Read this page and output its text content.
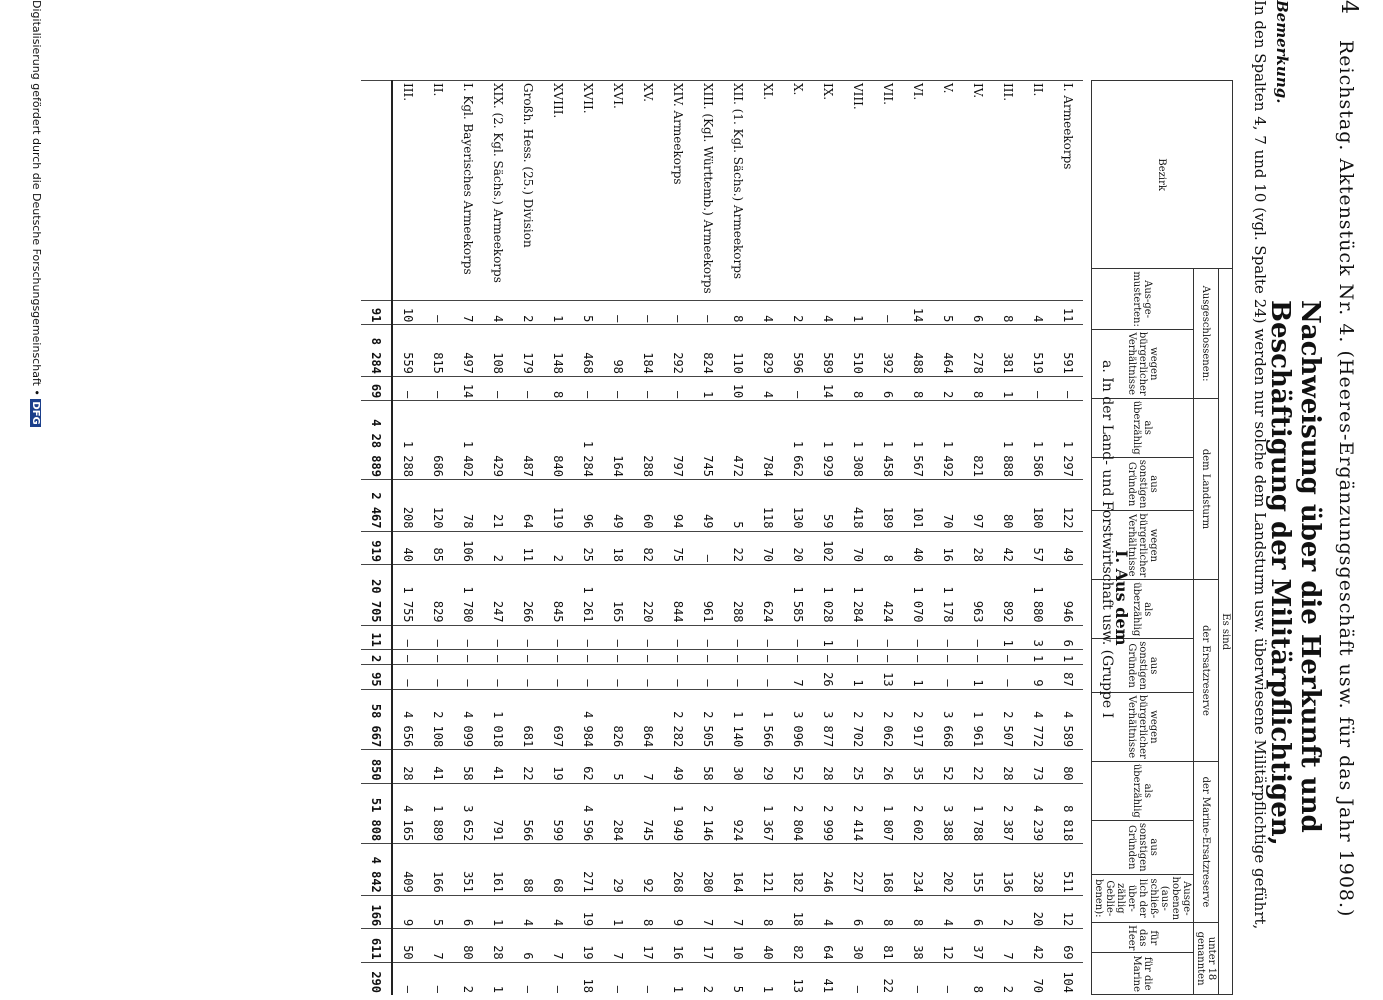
4
Reichstag. Aktenstück Nr. 4. (Heeres-Ergänzungsgeschäft usw. für das Jahr 1908.)
Nachweisung über die Herkunft und Beschäftigung der Militärpflichtigen,
Bemerkung.
In den Spalten 4, 7 und 10 (vgl. Spalte 24) werden nur solche dem Landsturm usw. überwiesene Militärpflichtige geführt,
Bezirk	Es sind												
	Ausgeschlossenen:		dem Landsturm			der Ersatzreserve			der Marine-Ersatzreserve			unter 18 genannten	
	Aus-ge-musterten:	wegen bürgerlicher Verhältnisse	als überzählig	aus sonstigen Gründen	wegen bürgerlicher Verhältnisse	als überzählig	aus sonstigen Gründen	wegen bürgerlicher Verhältnisse	als überzählig	aus sonstigen Gründen	Ausge-hobenen (aus-schließ-lich der über-zählig Geblie-benen):	für das Heer	für die Marine
I. Aus dem
a. In der Land- und Forstwirtschaft usw. (Gruppe I
I. Armeekorps	11	591	—	1 297	122	49	946	6	1	87	4 589	80	8 818	511	12	69	104
II.	4	519	—	1 586	180	57	1 880	3	1	9	4 772	73	4 239	328	20	42	70
III.	8	381	1	1 888	80	42	892	1	—	—	2 507	28	2 387	136	2	7	2
IV.	6	278	8	821	97	28	963	—	—	1	1 961	22	1 788	155	6	37	8
V.	5	464	2	1 492	70	16	1 178	—	—	—	3 668	52	3 388	202	4	12	—
VI.	14	488	8	1 567	101	40	1 070	—	—	1	2 917	35	2 602	234	8	38	—
VII.	—	392	6	1 458	189	8	424	—	—	13	2 062	26	1 807	168	8	81	22
VIII.	1	510	8	1 308	418	70	1 284	—	—	1	2 702	25	2 414	227	6	30	—
IX.	4	589	14	1 929	59	102	1 028	1	—	26	3 877	28	2 999	246	4	64	41
X.	2	596	—	1 662	130	20	1 585	—	—	7	3 096	52	2 804	182	18	82	13
XI.	4	829	4	784	118	70	624	—	—	—	1 566	29	1 367	121	8	40	1
XII. (1. Kgl. Sächs.) Armeekorps	8	110	10	472	5	22	288	—	—	—	1 140	30	924	164	7	10	5
XIII. (Kgl. Württemb.) Armeekorps	—	824	1	745	49	—	961	—	—	—	2 505	58	2 146	280	7	17	2
XIV. Armeekorps	—	292	—	797	94	75	844	—	—	—	2 282	49	1 949	268	9	16	1
XV.	—	184	—	288	60	82	220	—	—	—	864	7	745	92	8	17	—
XVI.	—	98	—	164	49	18	165	—	—	—	826	5	284	29	1	7	—
XVII.	5	468	—	1 284	96	25	1 261	—	—	—	4 984	62	4 596	271	19	19	18
XVIII.	1	148	8	840	119	2	845	—	—	—	697	19	599	68	4	7	—
Großh. Hess. (25.) Division	2	179	—	487	64	11	266	—	—	—	681	22	566	88	4	6	—
XIX. (2. Kgl. Sächs.) Armeekorps	4	108	—	429	21	2	247	—	—	—	1 018	41	791	161	1	28	1
I. Kgl. Bayerisches Armeekorps	7	497	14	1 402	78	106	1 780	—	—	—	4 099	58	3 652	351	6	80	2
II.	—	815	—	686	120	85	829	—	—	—	2 108	41	1 889	166	5	7	—
III.	10	559	—	1 288	208	40	1 755	—	—	—	4 656	28	4 165	409	9	50	—
	91	8 284	69	4 28 889	2 467	919	20 705	11	2	95	58 667	850	51 808	4 842	166	611	290
Digitalisierung gefördert durch die Deutsche Forschungsgemeinschaft • DFG
